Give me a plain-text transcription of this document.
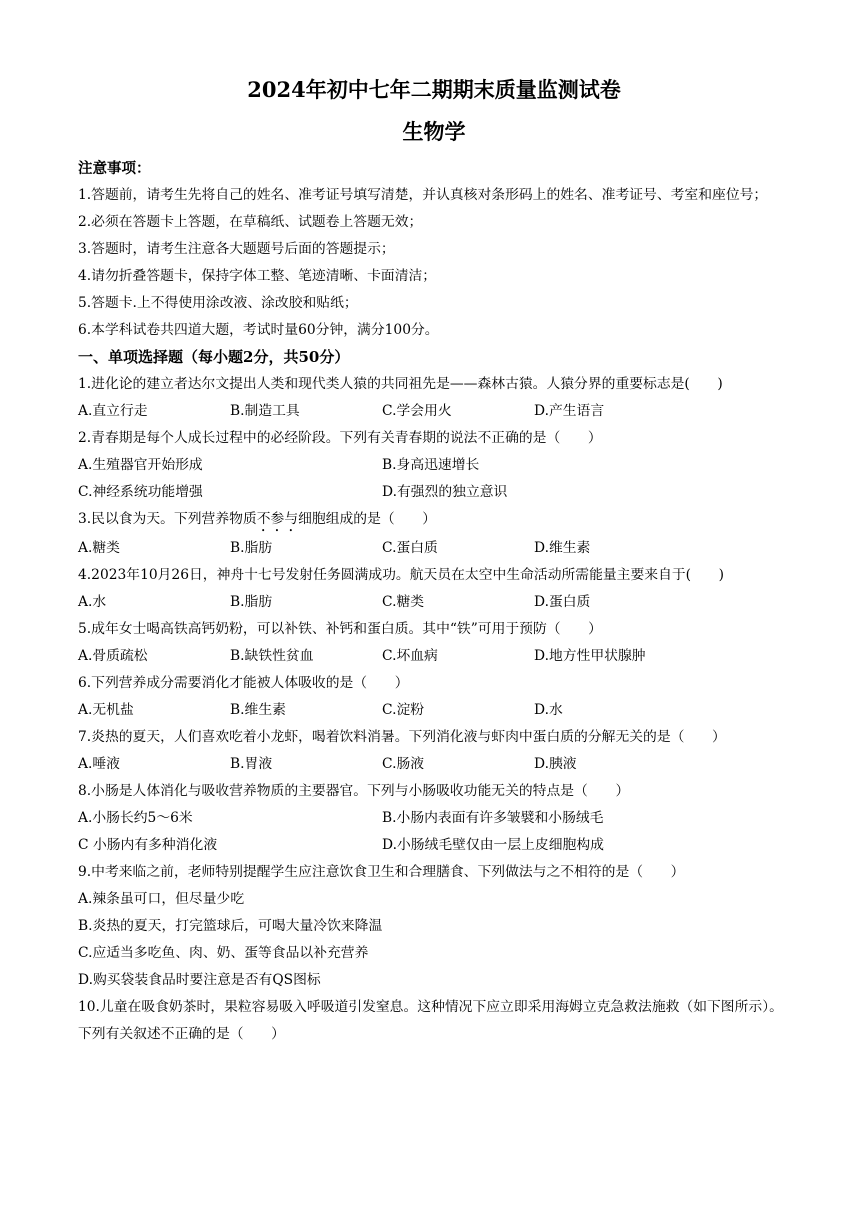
2024年初中七年二期期末质量监测试卷
生物学
注意事项：
1.答题前，请考生先将自己的姓名、准考证号填写清楚，并认真核对条形码上的姓名、准考证号、考室和座位号；
2.必须在答题卡上答题，在草稿纸、试题卷上答题无效；
3.答题时，请考生注意各大题题号后面的答题提示；
4.请勿折叠答题卡，保持字体工整、笔迹清晰、卡面清洁；
5.答题卡.上不得使用涂改液、涂改胶和贴纸；
6.本学科试卷共四道大题，考试时量60分钟，满分100分。
一、单项选择题（每小题2分，共50分）
1.进化论的建立者达尔文提出人类和现代类人猿的共同祖先是——森林古猿。人猿分界的重要标志是(　　)
A.直立行走	B.制造工具	C.学会用火	D.产生语言
2.青春期是每个人成长过程中的必经阶段。下列有关青春期的说法不正确的是（　　）
A.生殖器官开始形成	B.身高迅速增长
C.神经系统功能增强	D.有强烈的独立意识
3.民以食为天。下列营养物质不参与细胞组成的是（　　）
A.糖类	B.脂肪	C.蛋白质	D.维生素
4.2023年10月26日，神舟十七号发射任务圆满成功。航天员在太空中生命活动所需能量主要来自于(　　)
A.水	B.脂肪	C.糖类	D.蛋白质
5.成年女士喝高铁高钙奶粉，可以补铁、补钙和蛋白质。其中“铁”可用于预防（　　）
A.骨质疏松	B.缺铁性贫血	C.坏血病	D.地方性甲状腺肿
6.下列营养成分需要消化才能被人体吸收的是（　　）
A.无机盐	B.维生素	C.淀粉	D.水
7.炎热的夏天，人们喜欢吃着小龙虾，喝着饮料消暑。下列消化液与虾肉中蛋白质的分解无关的是（　　）
A.唾液	B.胃液	C.肠液	D.胰液
8.小肠是人体消化与吸收营养物质的主要器官。下列与小肠吸收功能无关的特点是（　　）
A.小肠长约5～6米	B.小肠内表面有许多皱襞和小肠绒毛
C 小肠内有多种消化液	D.小肠绒毛壁仅由一层上皮细胞构成
9.中考来临之前，老师特别提醒学生应注意饮食卫生和合理膳食、下列做法与之不相符的是（　　）
A.辣条虽可口，但尽量少吃
B.炎热的夏天，打完篮球后，可喝大量冷饮来降温
C.应适当多吃鱼、肉、奶、蛋等食品以补充营养
D.购买袋装食品时要注意是否有QS图标
10.儿童在吸食奶茶时，果粒容易吸入呼吸道引发窒息。这种情况下应立即采用海姆立克急救法施救（如下图所示）。下列有关叙述不正确的是（　　）
